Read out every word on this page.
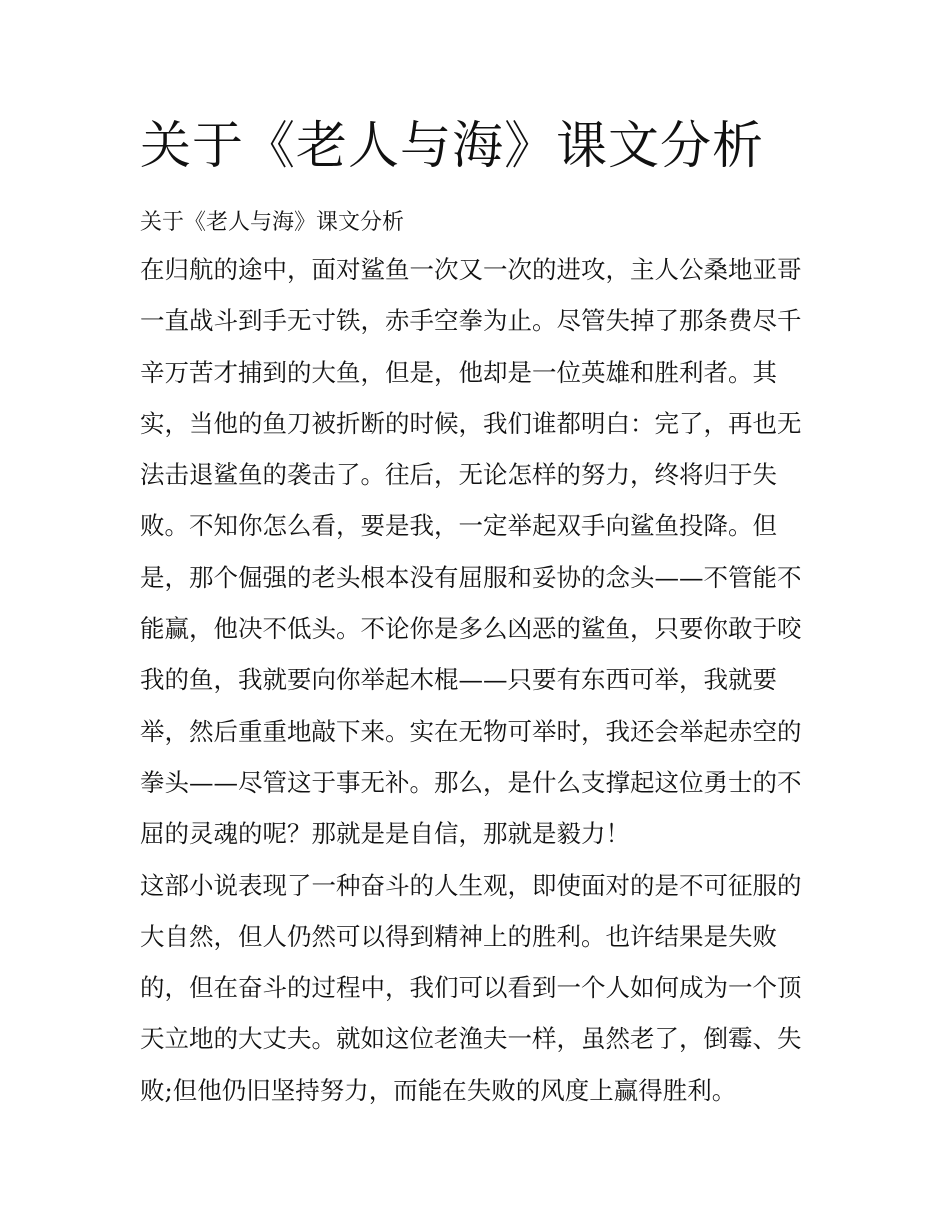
关于《老人与海》课文分析
关于《老人与海》课文分析

在归航的途中，面对鲨鱼一次又一次的进攻，主人公桑地亚哥
一直战斗到手无寸铁，赤手空拳为止。尽管失掉了那条费尽千
辛万苦才捕到的大鱼，但是，他却是一位英雄和胜利者。其
实，当他的鱼刀被折断的时候，我们谁都明白：完了，再也无
法击退鲨鱼的袭击了。往后，无论怎样的努力，终将归于失
败。不知你怎么看，要是我，一定举起双手向鲨鱼投降。但
是，那个倔强的老头根本没有屈服和妥协的念头——不管能不
能赢，他决不低头。不论你是多么凶恶的鲨鱼，只要你敢于咬
我的鱼，我就要向你举起木棍——只要有东西可举，我就要
举，然后重重地敲下来。实在无物可举时，我还会举起赤空的
拳头——尽管这于事无补。那么，是什么支撑起这位勇士的不
屈的灵魂的呢？那就是是自信，那就是毅力！

这部小说表现了一种奋斗的人生观，即使面对的是不可征服的
大自然，但人仍然可以得到精神上的胜利。也许结果是失败
的，但在奋斗的过程中，我们可以看到一个人如何成为一个顶
天立地的大丈夫。就如这位老渔夫一样，虽然老了，倒霉、失
败;但他仍旧坚持努力，而能在失败的风度上赢得胜利。
